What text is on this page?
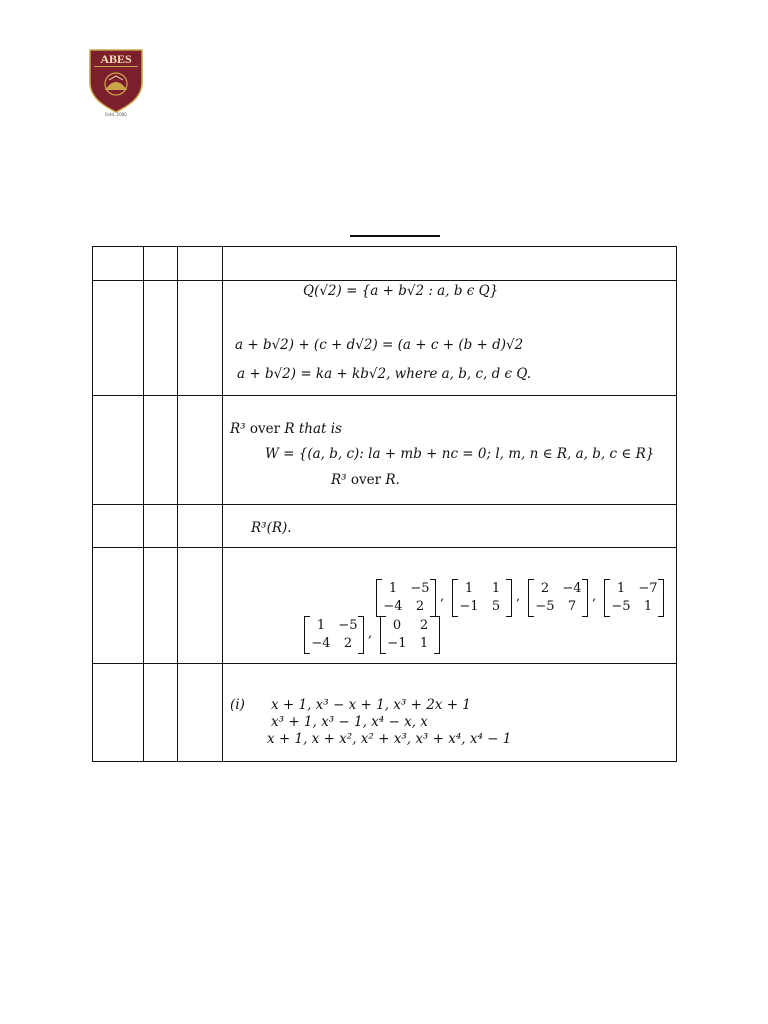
ABES
Estd. 2000
Q(√2) = {a + b√2 : a, b ϵ Q}
a + b√2) + (c + d√2) = (a + c + (b + d)√2
a + b√2) = ka + kb√2, where a, b, c, d ϵ Q.
R³ over R that is
W = {(a, b, c): la + mb + nc = 0; l, m, n ∈ R, a, b, c ∈ R}
R³ over R.
R³(R).
1	−5
−4	2
,
1	1
−1	5
,
2	−4
−5	7
,
1	−7
−5	1
1	−5
−4	2
,
0	2
−1	1
(i) x + 1, x³ − x + 1, x³ + 2x + 1
x³ + 1, x³ − 1, x⁴ − x, x
x + 1, x + x², x² + x³, x³ + x⁴, x⁴ − 1
